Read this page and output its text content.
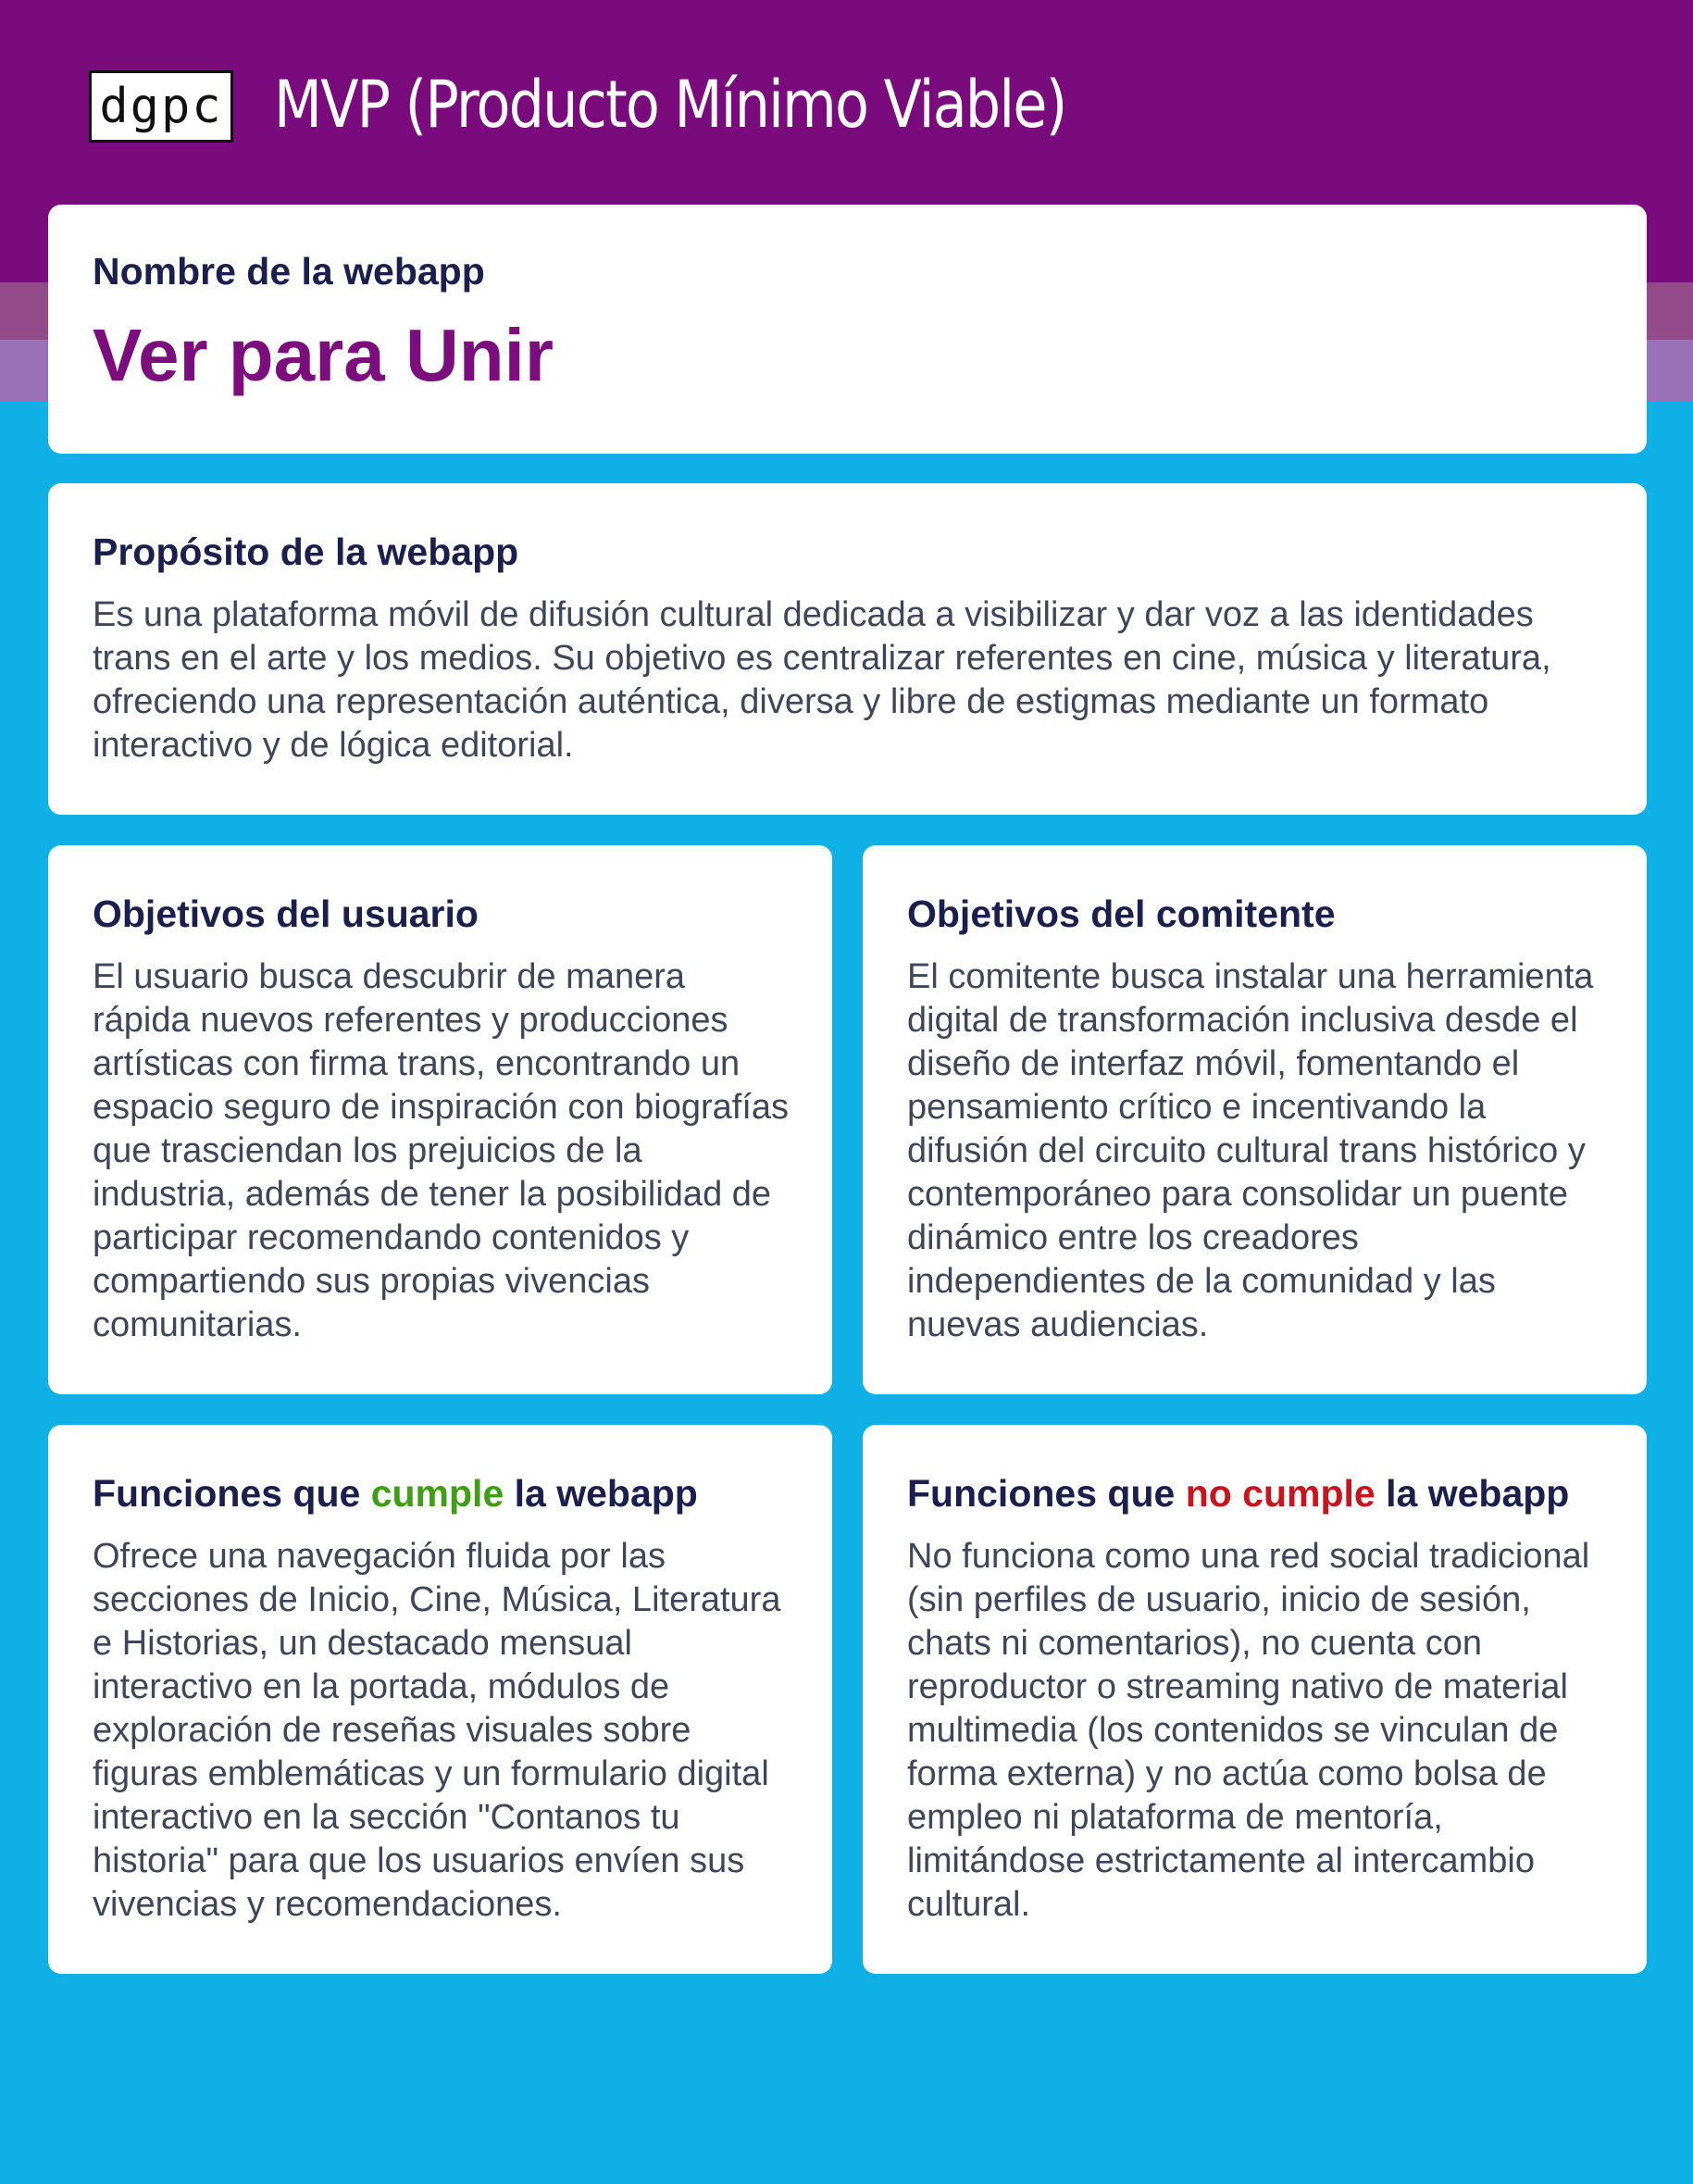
dgpc MVP (Producto Mínimo Viable)
Nombre de la webapp
Ver para Unir
Propósito de la webapp

Es una plataforma móvil de difusión cultural dedicada a visibilizar y dar voz a las identidades trans en el arte y los medios. Su objetivo es centralizar referentes en cine, música y literatura, ofreciendo una representación auténtica, diversa y libre de estigmas mediante un formato interactivo y de lógica editorial.

Objetivos del usuario

El usuario busca descubrir de manera rápida nuevos referentes y producciones artísticas con firma trans, encontrando un espacio seguro de inspiración con biografías que trasciendan los prejuicios de la industria, además de tener la posibilidad de participar recomendando contenidos y compartiendo sus propias vivencias comunitarias.

Objetivos del comitente

El comitente busca instalar una herramienta digital de transformación inclusiva desde el diseño de interfaz móvil, fomentando el pensamiento crítico e incentivando la difusión del circuito cultural trans histórico y contemporáneo para consolidar un puente dinámico entre los creadores independientes de la comunidad y las nuevas audiencias.

Funciones que cumple la webapp

Ofrece una navegación fluida por las secciones de Inicio, Cine, Música, Literatura e Historias, un destacado mensual interactivo en la portada, módulos de exploración de reseñas visuales sobre figuras emblemáticas y un formulario digital interactivo en la sección "Contanos tu historia" para que los usuarios envíen sus vivencias y recomendaciones.

Funciones que no cumple la webapp

No funciona como una red social tradicional (sin perfiles de usuario, inicio de sesión, chats ni comentarios), no cuenta con reproductor o streaming nativo de material multimedia (los contenidos se vinculan de forma externa) y no actúa como bolsa de empleo ni plataforma de mentoría, limitándose estrictamente al intercambio cultural.
